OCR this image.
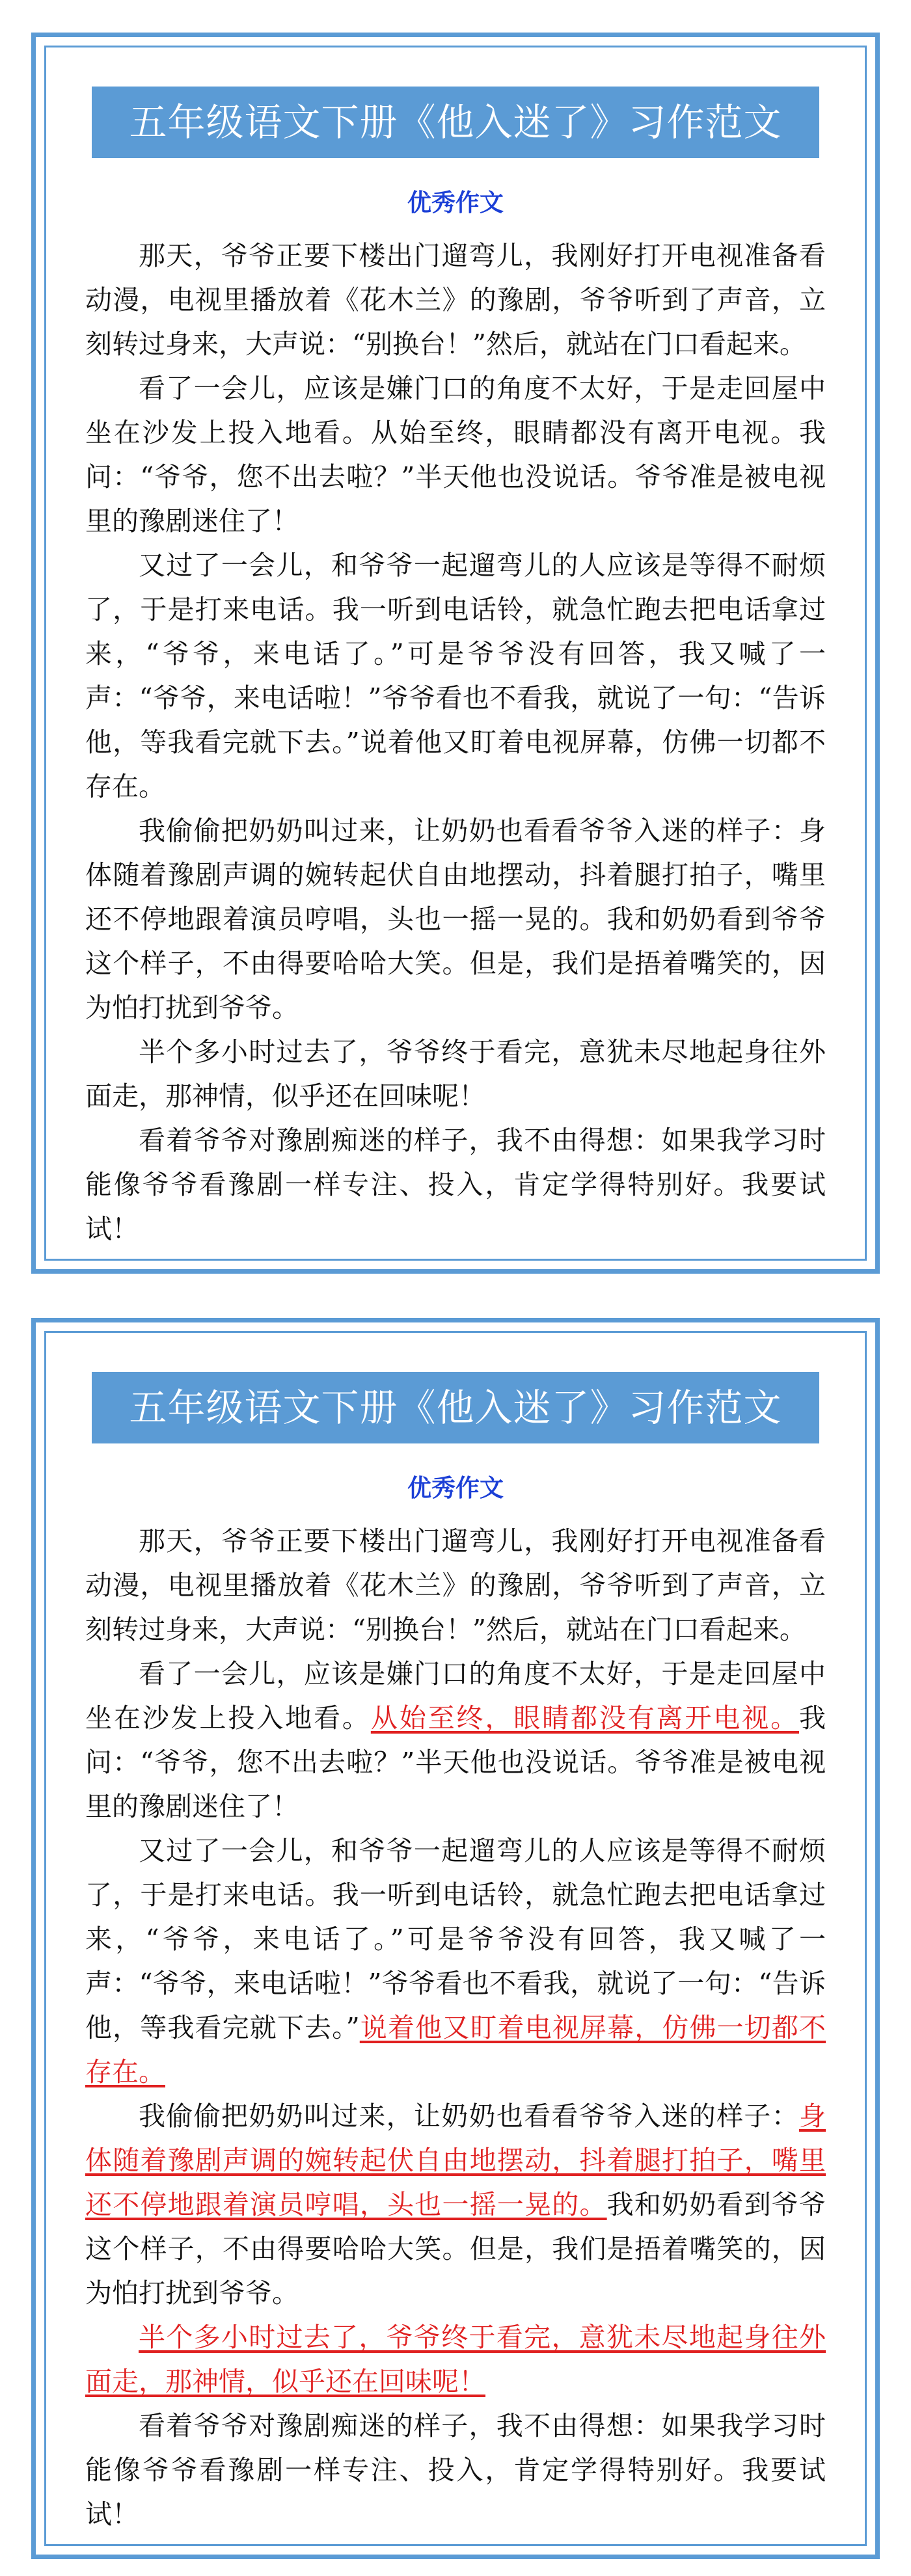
五年级语文下册《他入迷了》习作范文
优秀作文

那天，爷爷正要下楼出门遛弯儿，我刚好打开电视准备看动漫，电视里播放着《花木兰》的豫剧，爷爷听到了声音，立刻转过身来，大声说：“别换台！”然后，就站在门口看起来。

看了一会儿，应该是嫌门口的角度不太好，于是走回屋中坐在沙发上投入地看。从始至终，眼睛都没有离开电视。我问：“爷爷，您不出去啦？”半天他也没说话。爷爷准是被电视里的豫剧迷住了！

又过了一会儿，和爷爷一起遛弯儿的人应该是等得不耐烦了，于是打来电话。我一听到电话铃，就急忙跑去把电话拿过来，“爷爷，来电话了。”可是爷爷没有回答，我又喊了一声：“爷爷，来电话啦！”爷爷看也不看我，就说了一句：“告诉他，等我看完就下去。”说着他又盯着电视屏幕，仿佛一切都不存在。

我偷偷把奶奶叫过来，让奶奶也看看爷爷入迷的样子：身体随着豫剧声调的婉转起伏自由地摆动，抖着腿打拍子，嘴里还不停地跟着演员哼唱，头也一摇一晃的。我和奶奶看到爷爷这个样子，不由得要哈哈大笑。但是，我们是捂着嘴笑的，因为怕打扰到爷爷。

半个多小时过去了，爷爷终于看完，意犹未尽地起身往外面走，那神情，似乎还在回味呢！

看着爷爷对豫剧痴迷的样子，我不由得想：如果我学习时能像爷爷看豫剧一样专注、投入，肯定学得特别好。我要试试！

五年级语文下册《他入迷了》习作范文
优秀作文

那天，爷爷正要下楼出门遛弯儿，我刚好打开电视准备看动漫，电视里播放着《花木兰》的豫剧，爷爷听到了声音，立刻转过身来，大声说：“别换台！”然后，就站在门口看起来。

看了一会儿，应该是嫌门口的角度不太好，于是走回屋中坐在沙发上投入地看。从始至终，眼睛都没有离开电视。我问：“爷爷，您不出去啦？”半天他也没说话。爷爷准是被电视里的豫剧迷住了！

又过了一会儿，和爷爷一起遛弯儿的人应该是等得不耐烦了，于是打来电话。我一听到电话铃，就急忙跑去把电话拿过来，“爷爷，来电话了。”可是爷爷没有回答，我又喊了一声：“爷爷，来电话啦！”爷爷看也不看我，就说了一句：“告诉他，等我看完就下去。”说着他又盯着电视屏幕，仿佛一切都不存在。

我偷偷把奶奶叫过来，让奶奶也看看爷爷入迷的样子：身体随着豫剧声调的婉转起伏自由地摆动，抖着腿打拍子，嘴里还不停地跟着演员哼唱，头也一摇一晃的。我和奶奶看到爷爷这个样子，不由得要哈哈大笑。但是，我们是捂着嘴笑的，因为怕打扰到爷爷。

半个多小时过去了，爷爷终于看完，意犹未尽地起身往外面走，那神情，似乎还在回味呢！

看着爷爷对豫剧痴迷的样子，我不由得想：如果我学习时能像爷爷看豫剧一样专注、投入，肯定学得特别好。我要试试！
